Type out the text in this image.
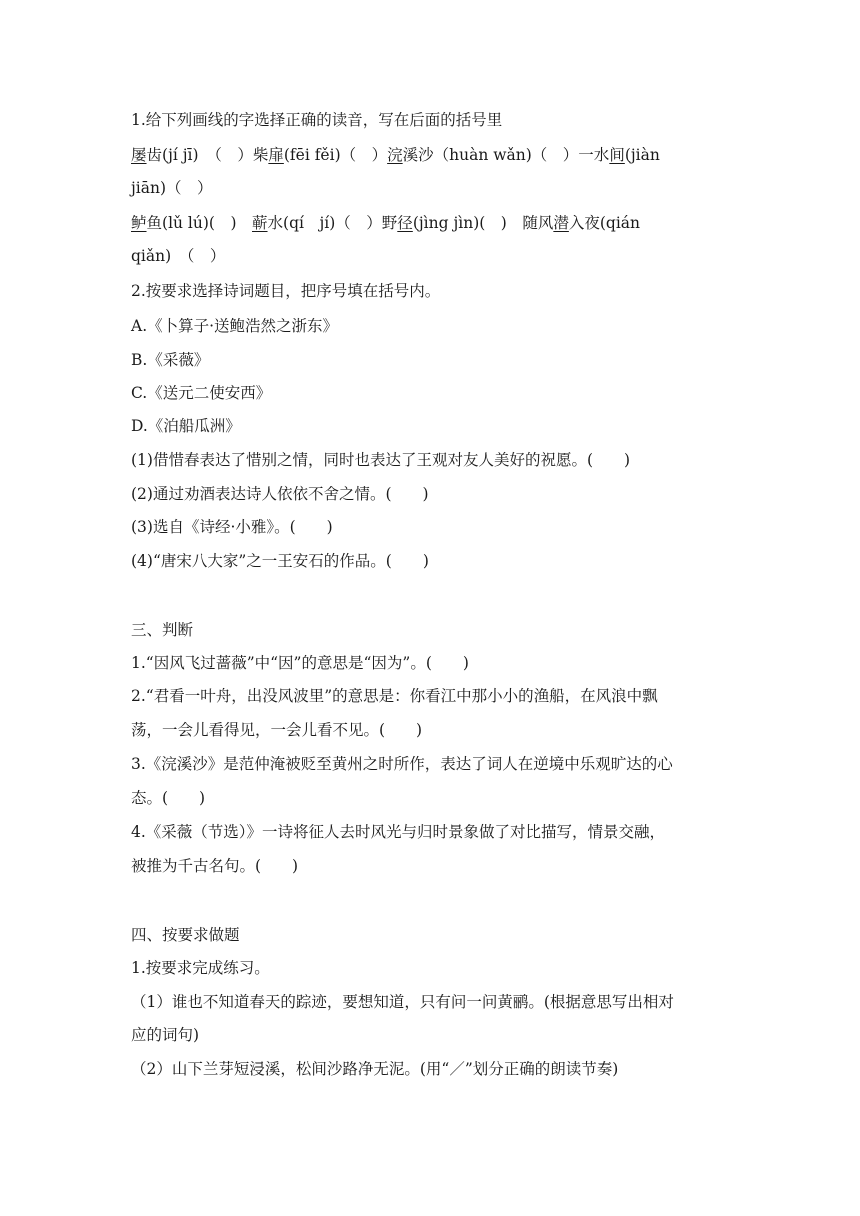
1.给下列画线的字选择正确的读音，写在后面的括号里
屡齿(jí jī)　（　）柴扉(fēi fěi)（　）浣溪沙（huàn wǎn)（　）一水间(jiàn
jiān)（　）
鲈鱼(lǔ lú)(　)　蕲水(qí　jí)（　）野径(jìng jìn)(　)　随风潜入夜(qián
qiǎn)　（　）
2.按要求选择诗词题目，把序号填在括号内。
A.《卜算子·送鲍浩然之浙东》
B.《采薇》
C.《送元二使安西》
D.《泊船瓜洲》
(1)借惜春表达了惜别之情，同时也表达了王观对友人美好的祝愿。(　　)
(2)通过劝酒表达诗人依依不舍之情。(　　)
(3)选自《诗经·小雅》。(　　)
(4)“唐宋八大家”之一王安石的作品。(　　)
三、判断
1.“因风飞过蔷薇”中“因”的意思是“因为”。(　　)
2.“君看一叶舟，出没风波里”的意思是：你看江中那小小的渔船，在风浪中飘
荡，一会儿看得见，一会儿看不见。(　　)
3.《浣溪沙》是范仲淹被贬至黄州之时所作，表达了词人在逆境中乐观旷达的心
态。(　　)
4.《采薇（节选）》一诗将征人去时风光与归时景象做了对比描写，情景交融，
被推为千古名句。(　　)
四、按要求做题
1.按要求完成练习。
（1）谁也不知道春天的踪迹，要想知道，只有问一问黄鹂。(根据意思写出相对
应的词句)
（2）山下兰芽短浸溪，松间沙路净无泥。(用“／”划分正确的朗读节奏)
